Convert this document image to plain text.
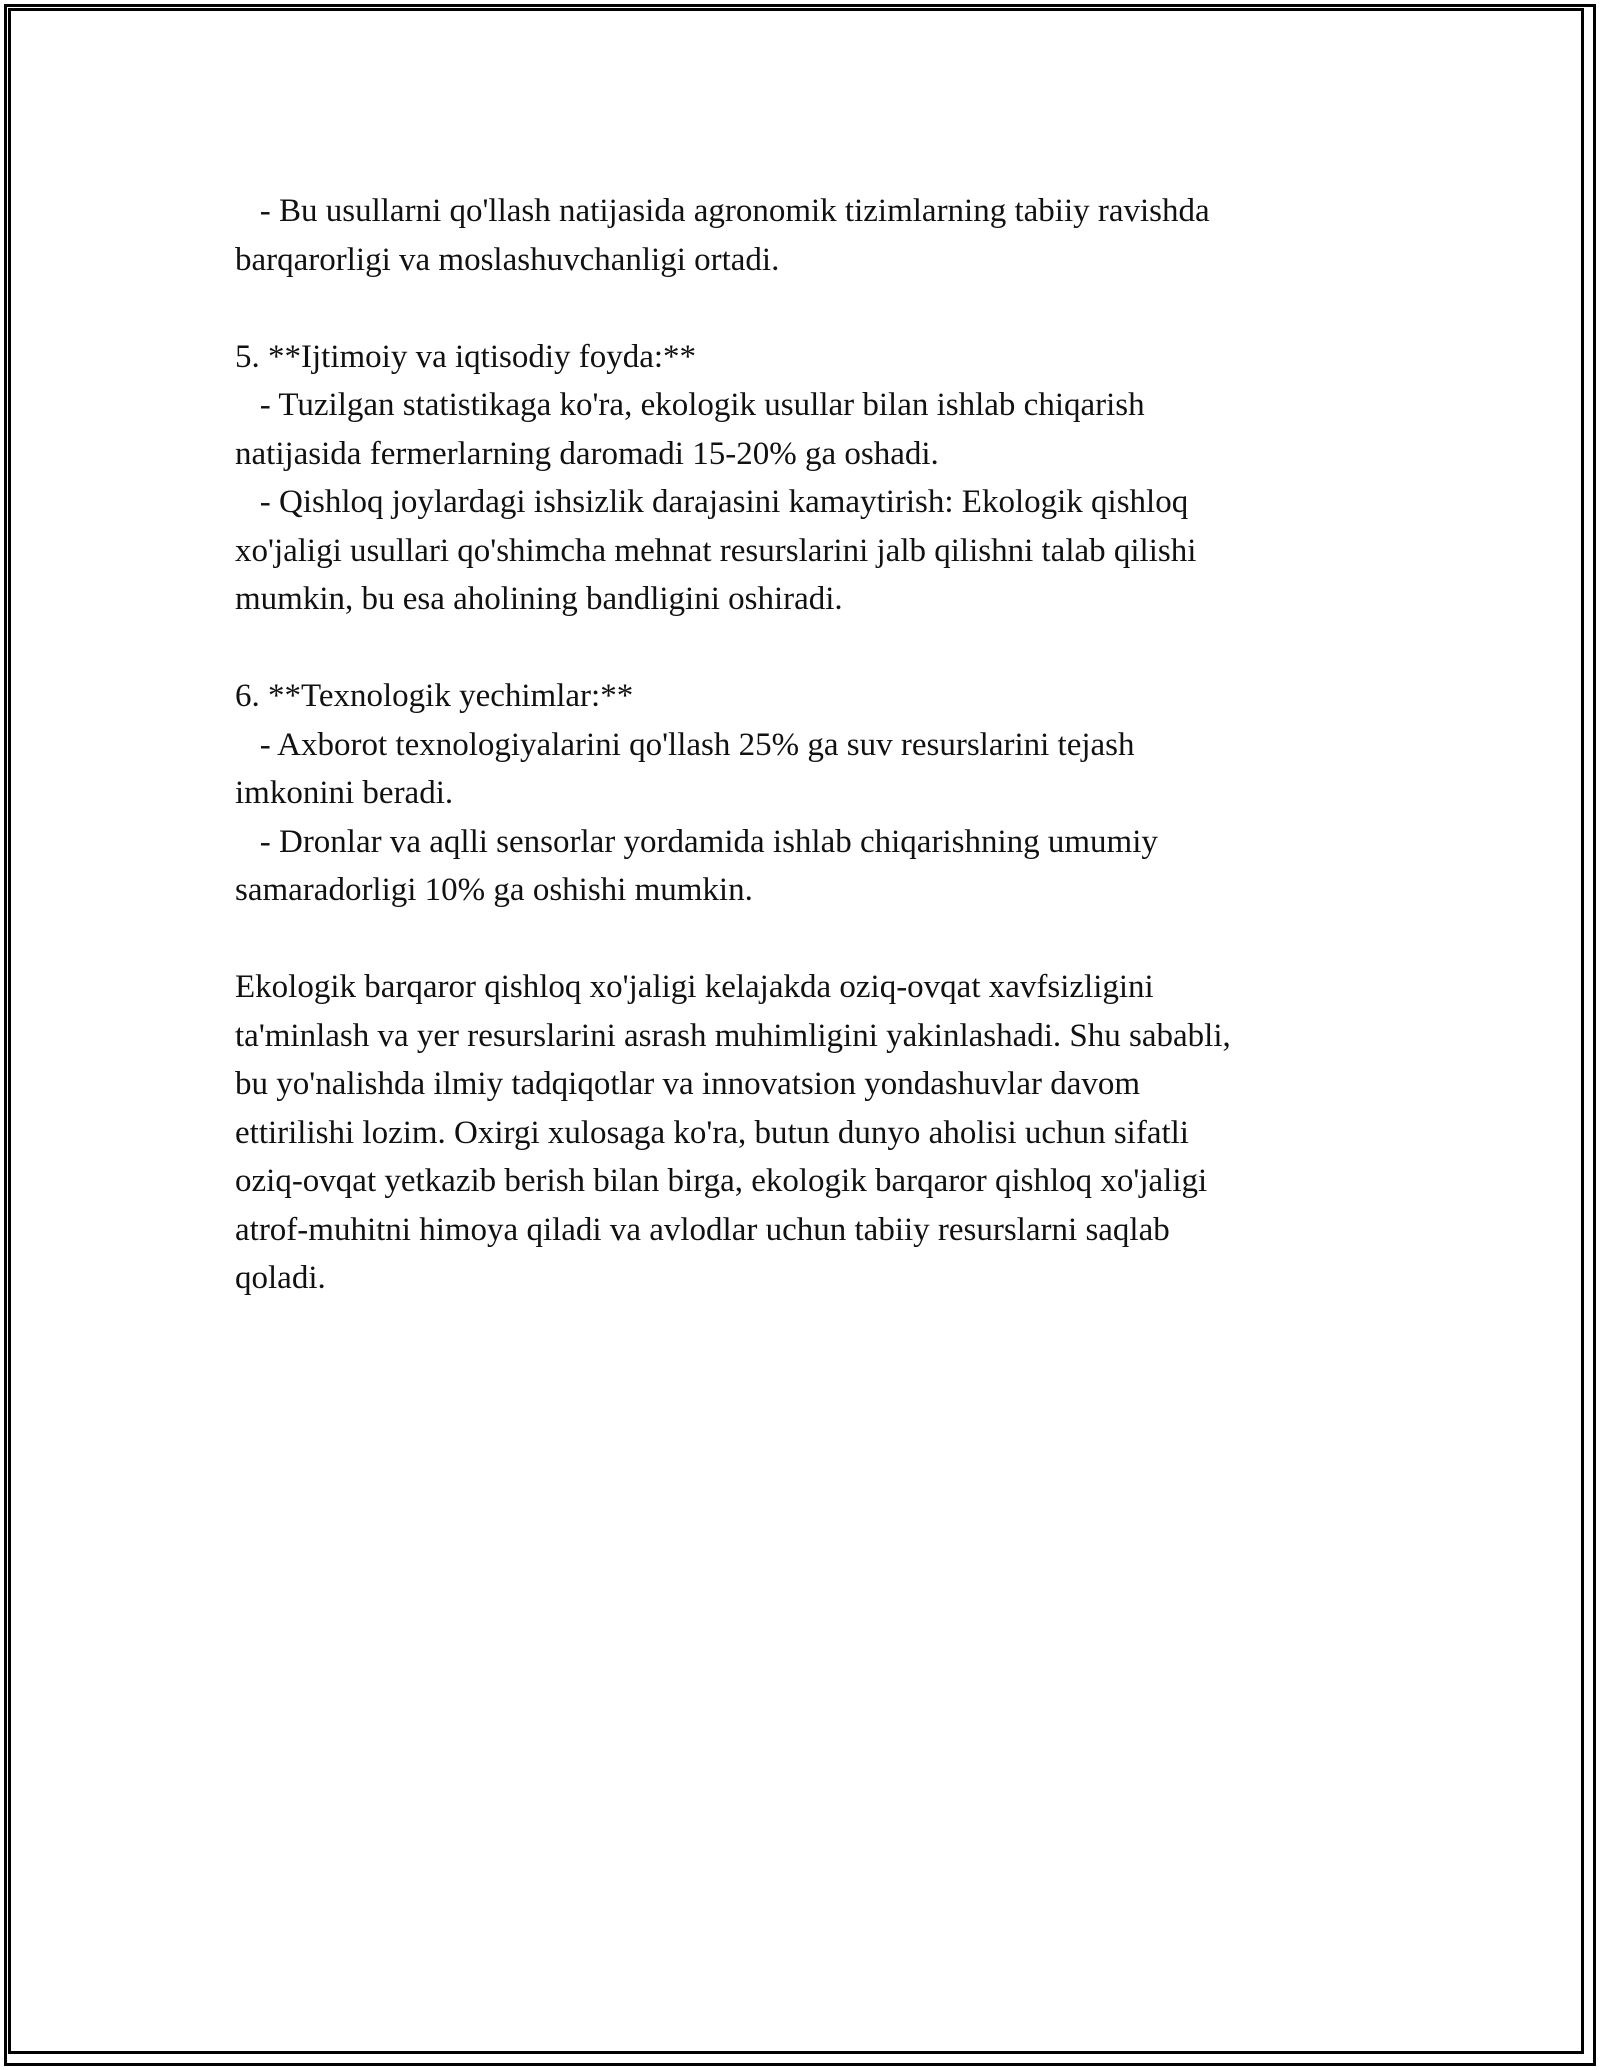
- Bu usullarni qo'llash natijasida agronomik tizimlarning tabiiy ravishda
barqarorligi va moslashuvchanligi ortadi.
5. **Ijtimoiy va iqtisodiy foyda:**
- Tuzilgan statistikaga ko'ra, ekologik usullar bilan ishlab chiqarish
natijasida fermerlarning daromadi 15-20% ga oshadi.
- Qishloq joylardagi ishsizlik darajasini kamaytirish: Ekologik qishloq
xo'jaligi usullari qo'shimcha mehnat resurslarini jalb qilishni talab qilishi
mumkin, bu esa aholining bandligini oshiradi.
6. **Texnologik yechimlar:**
- Axborot texnologiyalarini qo'llash 25% ga suv resurslarini tejash
imkonini beradi.
- Dronlar va aqlli sensorlar yordamida ishlab chiqarishning umumiy
samaradorligi 10% ga oshishi mumkin.
Ekologik barqaror qishloq xo'jaligi kelajakda oziq-ovqat xavfsizligini
ta'minlash va yer resurslarini asrash muhimligini yakinlashadi. Shu sababli,
bu yo'nalishda ilmiy tadqiqotlar va innovatsion yondashuvlar davom
ettirilishi lozim. Oxirgi xulosaga ko'ra, butun dunyo aholisi uchun sifatli
oziq-ovqat yetkazib berish bilan birga, ekologik barqaror qishloq xo'jaligi
atrof-muhitni himoya qiladi va avlodlar uchun tabiiy resurslarni saqlab
qoladi.
